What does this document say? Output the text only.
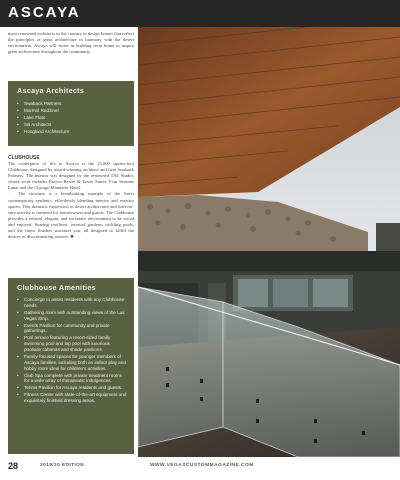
ASCAYA

most renowned architects in the country to design homes that reflect the principles of great architecture in harmony with the desert environment. Ascaya will foster in building from home to inspire great architecture throughout the community.

Ascaya Architects
• Swaback Partners
• Marmol Radziner
• Lake Flato
• SB Architects
• Hoogland Architecture
CLUBHOUSE

The centerpiece of life at Ascaya is the 25,000 square-foot Clubhouse, designed by award-winning architect and firm Swaback Partners. The interior was designed by the renowned TAL Studio, whose work includes Encore Resort & Tower Suites, Four Seasons Lanai and the Chicago Mandarin Hotel.

The structure is a breathtaking example of the finest contemporary aesthetic, effortlessly blending interior and exterior spaces. This dramatic expression of desert architecture and lush-for-sure activity is centered for homeowners and guests. The Clubhouse provides a relaxed, elegant, and exclusive environment to be social and enjoyed. Soaring rooflines, terraced gardens, trickling pools, and the finest finishes surround you, all designed to fulfill the desires of discriminating owners. ✹

Clubhouse Amenities
• Concierge to assist residents with any Clubhouse needs.
• Gathering room with outstanding views of the Las Vegas Strip.
• Events Pavilion for community and private gatherings.
• Pool terrace featuring a resort-sized family swimming pool and lap pool with luxurious poolside cabanas and shade pavilions.
• Family-focused spaces for younger members of Ascaya families, including both an indoor play and hobby room ideal for children's activities.
• Club Spa complete with private treatment rooms for a wide array of therapeutic indulgences.
• Tennis Pavilion for Ascaya residents and guests.
• Fitness Center with state-of-the-art equipment and exquisitely finished dressing areas.
28	2019/20 EDITION	WWW.VEGASCUSTOMMAGAZINE.COM
